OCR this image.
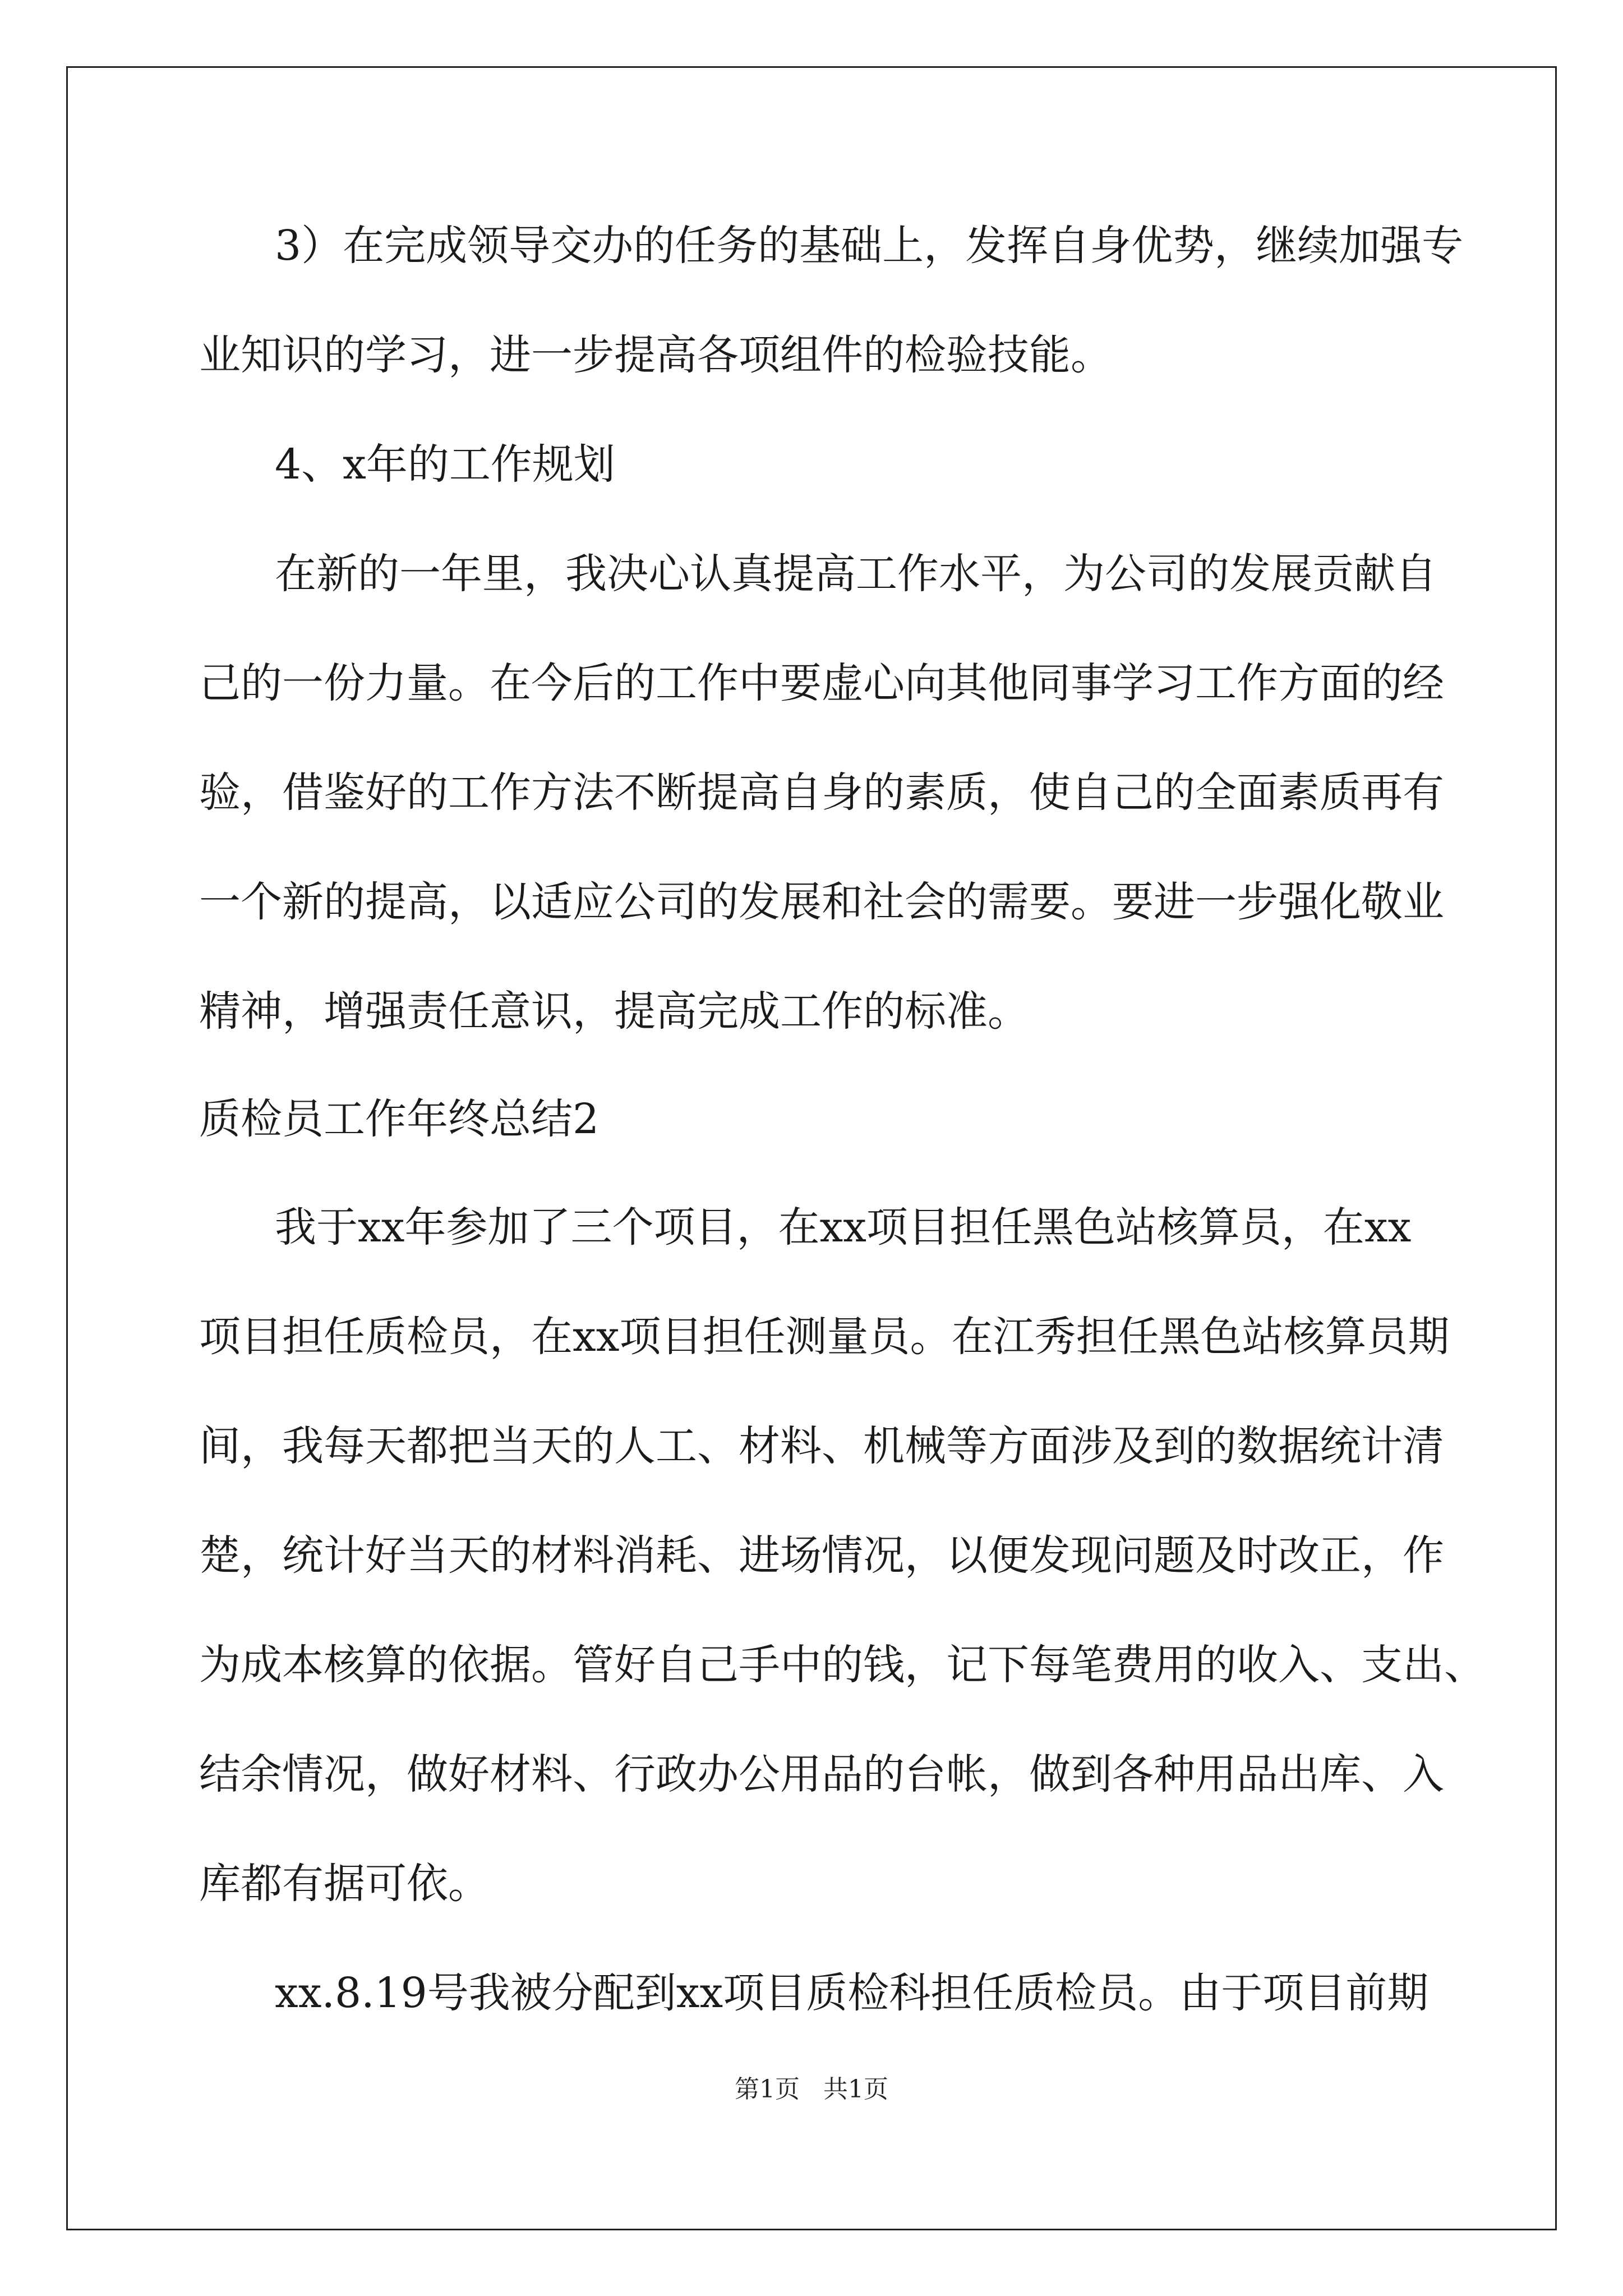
3）在完成领导交办的任务的基础上，发挥自身优势，继续加强专
业知识的学习，进一步提高各项组件的检验技能。
4、x年的工作规划
在新的一年里，我决心认真提高工作水平，为公司的发展贡献自
己的一份力量。在今后的工作中要虚心向其他同事学习工作方面的经
验，借鉴好的工作方法不断提高自身的素质，使自己的全面素质再有
一个新的提高，以适应公司的发展和社会的需要。要进一步强化敬业
精神，增强责任意识，提高完成工作的标准。
质检员工作年终总结2
我于xx年参加了三个项目，在xx项目担任黑色站核算员，在xx
项目担任质检员，在xx项目担任测量员。在江秀担任黑色站核算员期
间，我每天都把当天的人工、材料、机械等方面涉及到的数据统计清
楚，统计好当天的材料消耗、进场情况，以便发现问题及时改正，作
为成本核算的依据。管好自己手中的钱，记下每笔费用的收入、支出、
结余情况，做好材料、行政办公用品的台帐，做到各种用品出库、入
库都有据可依。
xx.8.19号我被分配到xx项目质检科担任质检员。由于项目前期
第1页   共1页
